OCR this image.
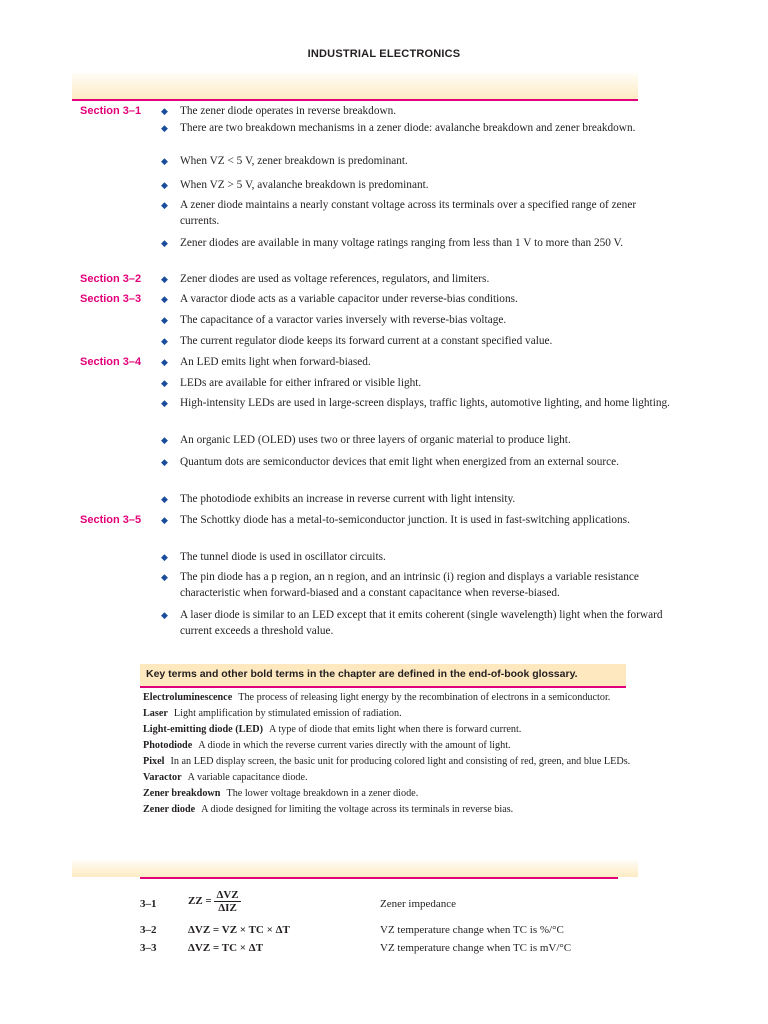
INDUSTRIAL ELECTRONICS
Section 3–1 ◆ The zener diode operates in reverse breakdown.
◆ There are two breakdown mechanisms in a zener diode: avalanche breakdown and zener breakdown.
◆ When VZ < 5 V, zener breakdown is predominant.
◆ When VZ > 5 V, avalanche breakdown is predominant.
◆ A zener diode maintains a nearly constant voltage across its terminals over a specified range of zener currents.
◆ Zener diodes are available in many voltage ratings ranging from less than 1 V to more than 250 V.
Section 3–2 ◆ Zener diodes are used as voltage references, regulators, and limiters.
Section 3–3 ◆ A varactor diode acts as a variable capacitor under reverse-bias conditions.
◆ The capacitance of a varactor varies inversely with reverse-bias voltage.
◆ The current regulator diode keeps its forward current at a constant specified value.
Section 3–4 ◆ An LED emits light when forward-biased.
◆ LEDs are available for either infrared or visible light.
◆ High-intensity LEDs are used in large-screen displays, traffic lights, automotive lighting, and home lighting.
◆ An organic LED (OLED) uses two or three layers of organic material to produce light.
◆ Quantum dots are semiconductor devices that emit light when energized from an external source.
◆ The photodiode exhibits an increase in reverse current with light intensity.
Section 3–5 ◆ The Schottky diode has a metal-to-semiconductor junction. It is used in fast-switching applications.
◆ The tunnel diode is used in oscillator circuits.
◆ The pin diode has a p region, an n region, and an intrinsic (i) region and displays a variable resistance characteristic when forward-biased and a constant capacitance when reverse-biased.
◆ A laser diode is similar to an LED except that it emits coherent (single wavelength) light when the forward current exceeds a threshold value.
Key terms and other bold terms in the chapter are defined in the end-of-book glossary.
Electroluminescence The process of releasing light energy by the recombination of electrons in a semiconductor.
Laser Light amplification by stimulated emission of radiation.
Light-emitting diode (LED) A type of diode that emits light when there is forward current.
Photodiode A diode in which the reverse current varies directly with the amount of light.
Pixel In an LED display screen, the basic unit for producing colored light and consisting of red, green, and blue LEDs.
Varactor A variable capacitance diode.
Zener breakdown The lower voltage breakdown in a zener diode.
Zener diode A diode designed for limiting the voltage across its terminals in reverse bias.
3–1	ZZ = $\frac{\text{ΔVZ}}{\text{ΔIZ}}$	Zener impedance
3–2	ΔVZ = VZ × TC × ΔT	VZ temperature change when TC is %/°C
3–3	ΔVZ = TC × ΔT	VZ temperature change when TC is mV/°C
